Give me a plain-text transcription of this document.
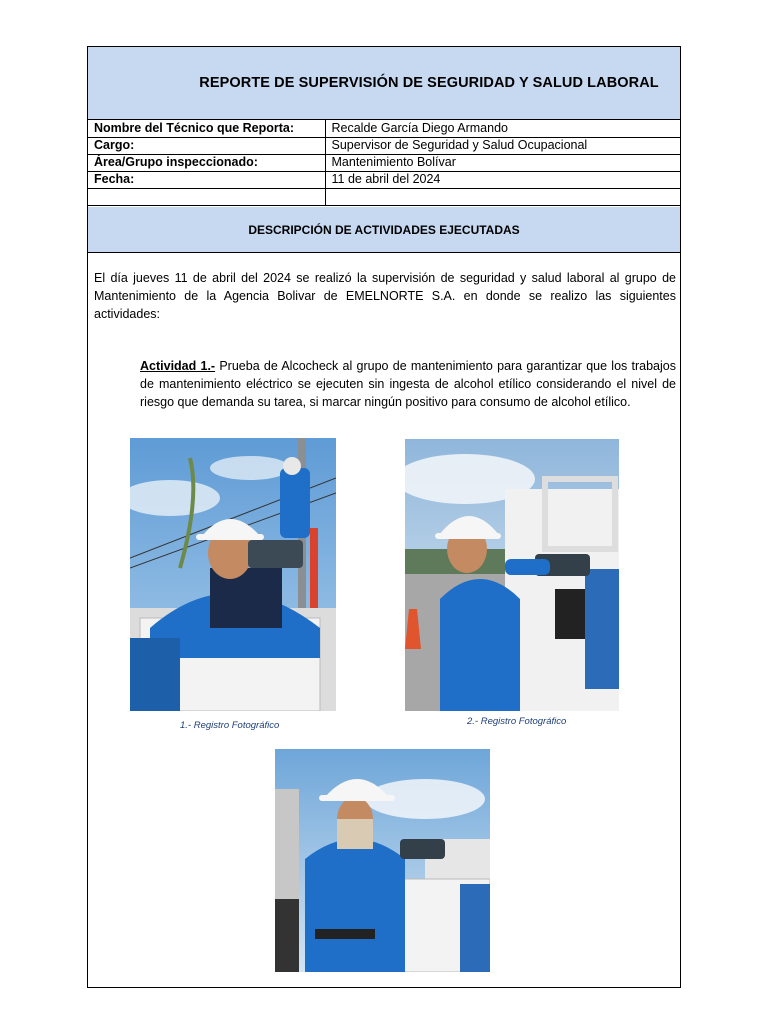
REPORTE DE SUPERVISIÓN DE SEGURIDAD Y SALUD LABORAL
Nombre del Técnico que Reporta:	Recalde García Diego Armando
Cargo:	Supervisor de Seguridad y Salud Ocupacional
Área/Grupo inspeccionado:	Mantenimiento Bolívar
Fecha:	11 de abril del 2024

DESCRIPCIÓN DE ACTIVIDADES EJECUTADAS

El día jueves 11 de abril del 2024 se realizó la supervisión de seguridad y salud laboral al grupo de Mantenimiento de la Agencia Bolivar de EMELNORTE S.A. en donde se realizo las siguientes actividades:

Actividad 1.- Prueba de Alcocheck al grupo de mantenimiento para garantizar que los trabajos de mantenimiento eléctrico se ejecuten sin ingesta de alcohol etílico considerando el nivel de riesgo que demanda su tarea, si marcar ningún positivo para consumo de alcohol etílico.

1.- Registro Fotográfico	2.- Registro Fotográfico
